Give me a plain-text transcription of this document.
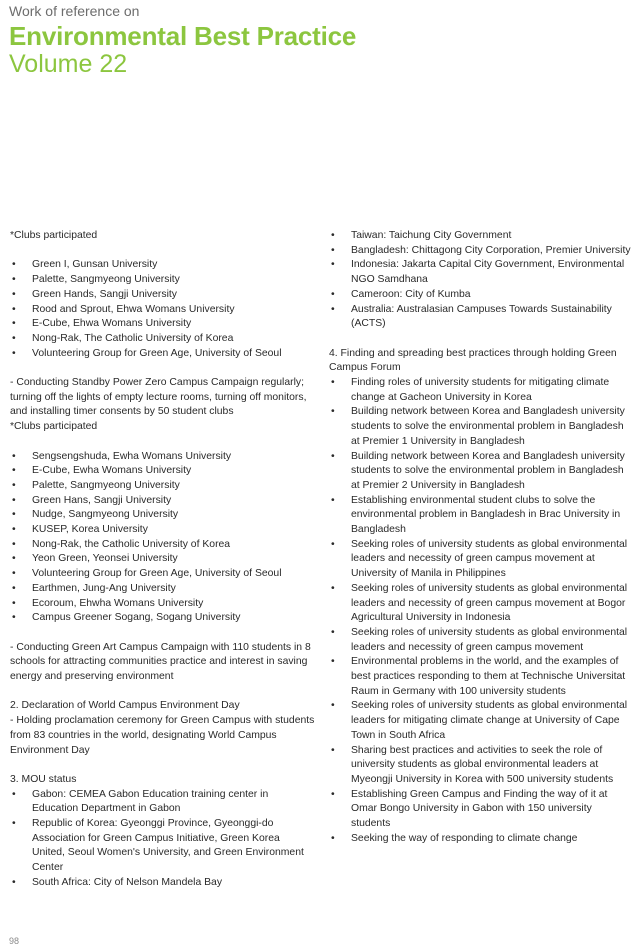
Work of reference on
Environmental Best Practice
Volume 22

*Clubs participated

• Green I, Gunsan University
• Palette, Sangmyeong University
• Green Hands, Sangji University
• Rood and Sprout, Ehwa Womans University
• E-Cube, Ehwa Womans University
• Nong-Rak, The Catholic University of Korea
• Volunteering Group for Green Age, University of Seoul

- Conducting Standby Power Zero Campus Campaign regularly; turning off the lights of empty lecture rooms, turning off monitors, and installing timer consents by 50 student clubs

*Clubs participated

• Sengsengshuda, Ewha Womans University
• E-Cube, Ewha Womans University
• Palette, Sangmyeong University
• Green Hans, Sangji University
• Nudge, Sangmyeong University
• KUSEP, Korea University
• Nong-Rak, the Catholic University of Korea
• Yeon Green, Yeonsei University
• Volunteering Group for Green Age, University of Seoul
• Earthmen, Jung-Ang University
• Ecoroum, Ehwha Womans University
• Campus Greener Sogang, Sogang University

- Conducting Green Art Campus Campaign with 110 students in 8 schools for attracting communities practice and interest in saving energy and preserving environment

2. Declaration of World Campus Environment Day

- Holding proclamation ceremony for Green Campus with students from 83 countries in the world, designating World Campus Environment Day

3. MOU status

• Gabon: CEMEA Gabon Education training center in Education Department in Gabon
• Republic of Korea: Gyeonggi Province, Gyeonggi-do Association for Green Campus Initiative, Green Korea United, Seoul Women's University, and Green Environment Center
• South Africa: City of Nelson Mandela Bay
• Taiwan: Taichung City Government
• Bangladesh: Chittagong City Corporation, Premier University
• Indonesia: Jakarta Capital City Government, Environmental NGO Samdhana
• Cameroon: City of Kumba
• Australia: Australasian Campuses Towards Sustainability (ACTS)

4. Finding and spreading best practices through holding Green Campus Forum

• Finding roles of university students for mitigating climate change at Gacheon University in Korea
• Building network between Korea and Bangladesh university students to solve the environmental problem in Bangladesh at Premier 1 University in Bangladesh
• Building network between Korea and Bangladesh university students to solve the environmental problem in Bangladesh at Premier 2 University in Bangladesh
• Establishing environmental student clubs to solve the environmental problem in Bangladesh in Brac University in Bangladesh
• Seeking roles of university students as global environmental leaders and necessity of green campus movement at University of Manila in Philippines
• Seeking roles of university students as global environmental leaders and necessity of green campus movement at Bogor Agricultural University in Indonesia
• Seeking roles of university students as global environmental leaders and necessity of green campus movement
• Environmental problems in the world, and the examples of best practices responding to them at Technische Universitat Raum in Germany with 100 university students
• Seeking roles of university students as global environmental leaders for mitigating climate change at University of Cape Town in South Africa
• Sharing best practices and activities to seek the role of university students as global environmental leaders at Myeongji University in Korea with 500 university students
• Establishing Green Campus and Finding the way of it at Omar Bongo University in Gabon with 150 university students
• Seeking the way of responding to climate change
98
